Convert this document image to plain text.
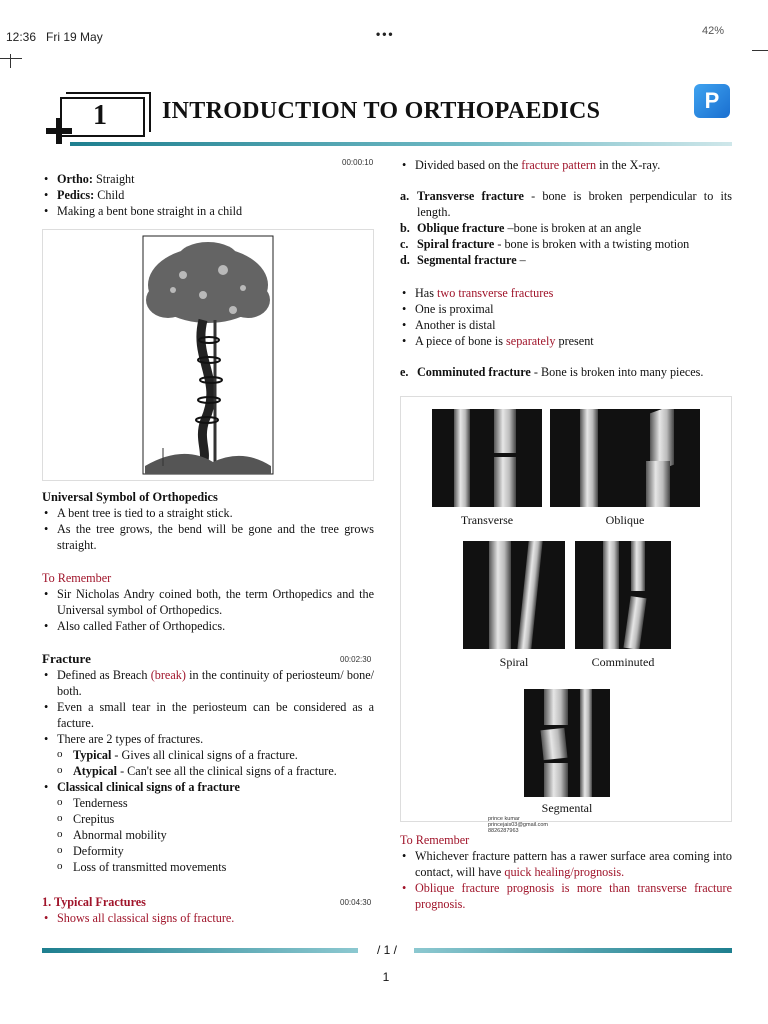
12:36 Fri 19 May	•••	42%
1 INTRODUCTION TO ORTHOPAEDICS	P
00:00:10
• Ortho: Straight
• Pedics: Child
• Making a bent bone straight in a child
Universal Symbol of Orthopedics
• A bent tree is tied to a straight stick.
• As the tree grows, the bend will be gone and the tree grows straight.
To Remember
• Sir Nicholas Andry coined both, the term Orthopedics and the Universal symbol of Orthopedics.
• Also called Father of Orthopedics.
00:02:30
Fracture
• Defined as Breach (break) in the continuity of periosteum/ bone/ both.
• Even a small tear in the periosteum can be considered as a facture.
• There are 2 types of fractures.
o Typical - Gives all clinical signs of a fracture.
o Atypical - Can't see all the clinical signs of a fracture.
• Classical clinical signs of a fracture
o Tenderness
o Crepitus
o Abnormal mobility
o Deformity
o Loss of transmitted movements
00:04:30
1. Typical Fractures
• Shows all classical signs of fracture.
• Divided based on the fracture pattern in the X-ray.
a. Transverse fracture - bone is broken perpendicular to its length.
b. Oblique fracture –bone is broken at an angle
c. Spiral fracture - bone is broken with a twisting motion
d. Segmental fracture –
• Has two transverse fractures
• One is proximal
• Another is distal
• A piece of bone is separately present
e. Comminuted fracture - Bone is broken into many pieces.
Transverse	Oblique
Spiral	Comminuted
Segmental
prince kumar
princejais03@gmail.com
8826287963
To Remember
• Whichever fracture pattern has a rawer surface area coming into contact, will have quick healing/prognosis.
• Oblique fracture prognosis is more than transverse fracture prognosis.
/ 1 /
1
